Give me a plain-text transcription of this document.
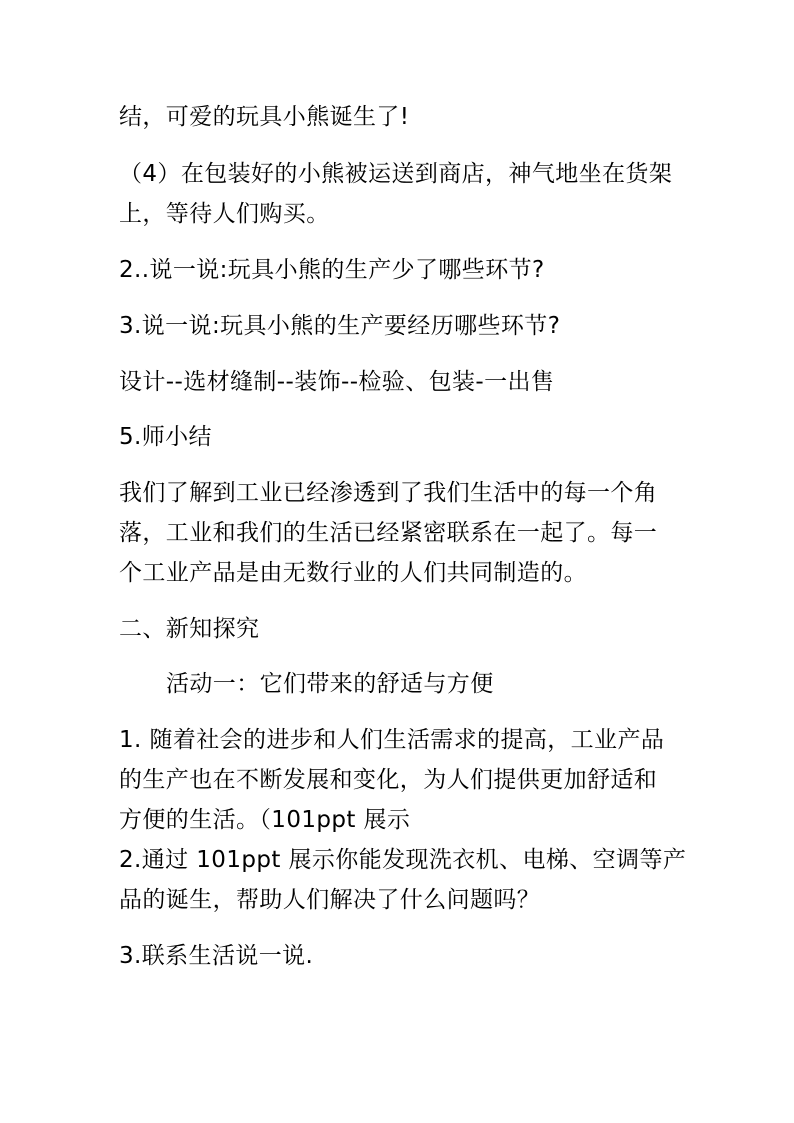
结，可爱的玩具小熊诞生了!
（4）在包装好的小熊被运送到商店，神气地坐在货架
上，等待人们购买。
2..说一说:玩具小熊的生产少了哪些环节?
3.说一说:玩具小熊的生产要经历哪些环节?
设计--选材缝制--装饰--检验、包装-一出售
5.师小结
我们了解到工业已经渗透到了我们生活中的每一个角
落，工业和我们的生活已经紧密联系在一起了。每一
个工业产品是由无数行业的人们共同制造的。
二、新知探究
活动一：它们带来的舒适与方便
1. 随着社会的进步和人们生活需求的提高，工业产品
的生产也在不断发展和变化，为人们提供更加舒适和
方便的生活。（101ppt 展示
2.通过 101ppt 展示你能发现洗衣机、电梯、空调等产
品的诞生，帮助人们解决了什么问题吗？
3.联系生活说一说.
